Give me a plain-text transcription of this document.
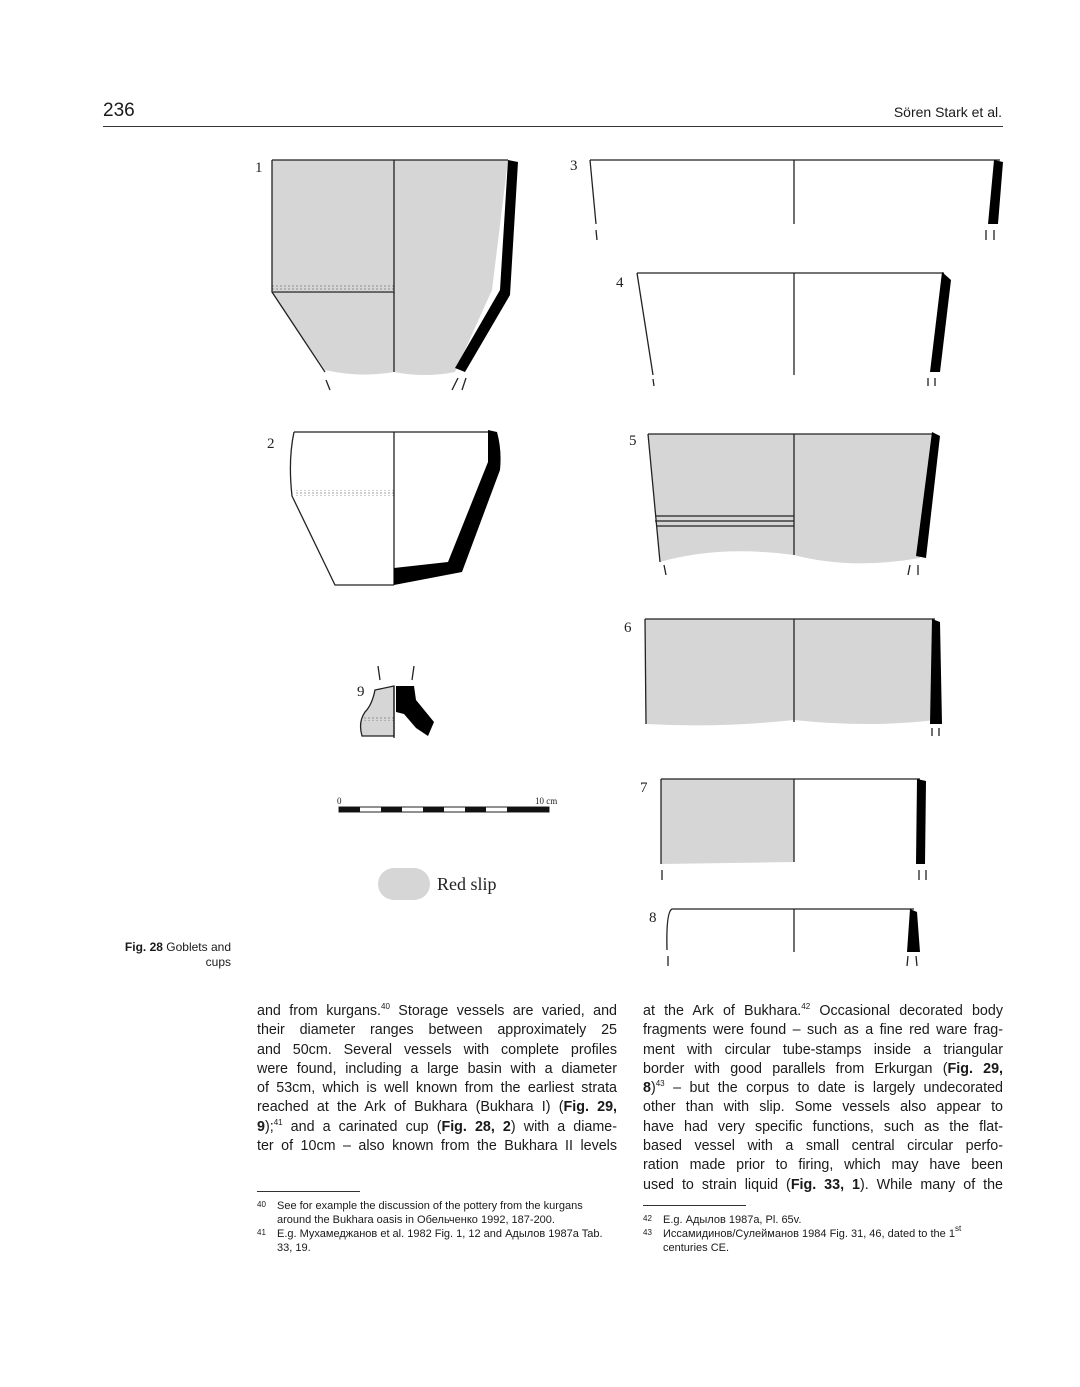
236	Sören Stark et al.
0	10 cm
Red slip
1
2
3
4
5
6
7
8
9
Fig. 28 Goblets and cups
and from kurgans.$^{40}$ Storage vessels are varied, and
their diameter ranges between approximately 25
and 50cm. Several vessels with complete profiles
were found, including a large basin with a diameter
of 53cm, which is well known from the earliest strata
reached at the Ark of Bukhara (Bukhara I) (Fig. 29,
9);$^{41}$ and a carinated cup (Fig. 28, 2) with a diame-
ter of 10cm – also known from the Bukhara II levels
at the Ark of Bukhara.$^{42}$ Occasional decorated body
fragments were found – such as a fine red ware frag-
ment with circular tube-stamps inside a triangular
border with good parallels from Erkurgan (Fig. 29,
8)$^{43}$ – but the corpus to date is largely undecorated
other than with slip. Some vessels also appear to
have had very specific functions, such as the flat-
based vessel with a small central circular perfo-
ration made prior to firing, which may have been
used to strain liquid (Fig. 33, 1). While many of the
40 See for example the discussion of the pottery from the kurgans around the Bukhara oasis in Обельченко 1992, 187-200.
41 E.g. Мухамеджанов et al. 1982 Fig. 1, 12 and Адылов 1987a Tab. 33, 19.
42 E.g. Адылов 1987a, Pl. 65v.
43 Иссамидинов/Сулейманов 1984 Fig. 31, 46, dated to the 1st centuries CE.
